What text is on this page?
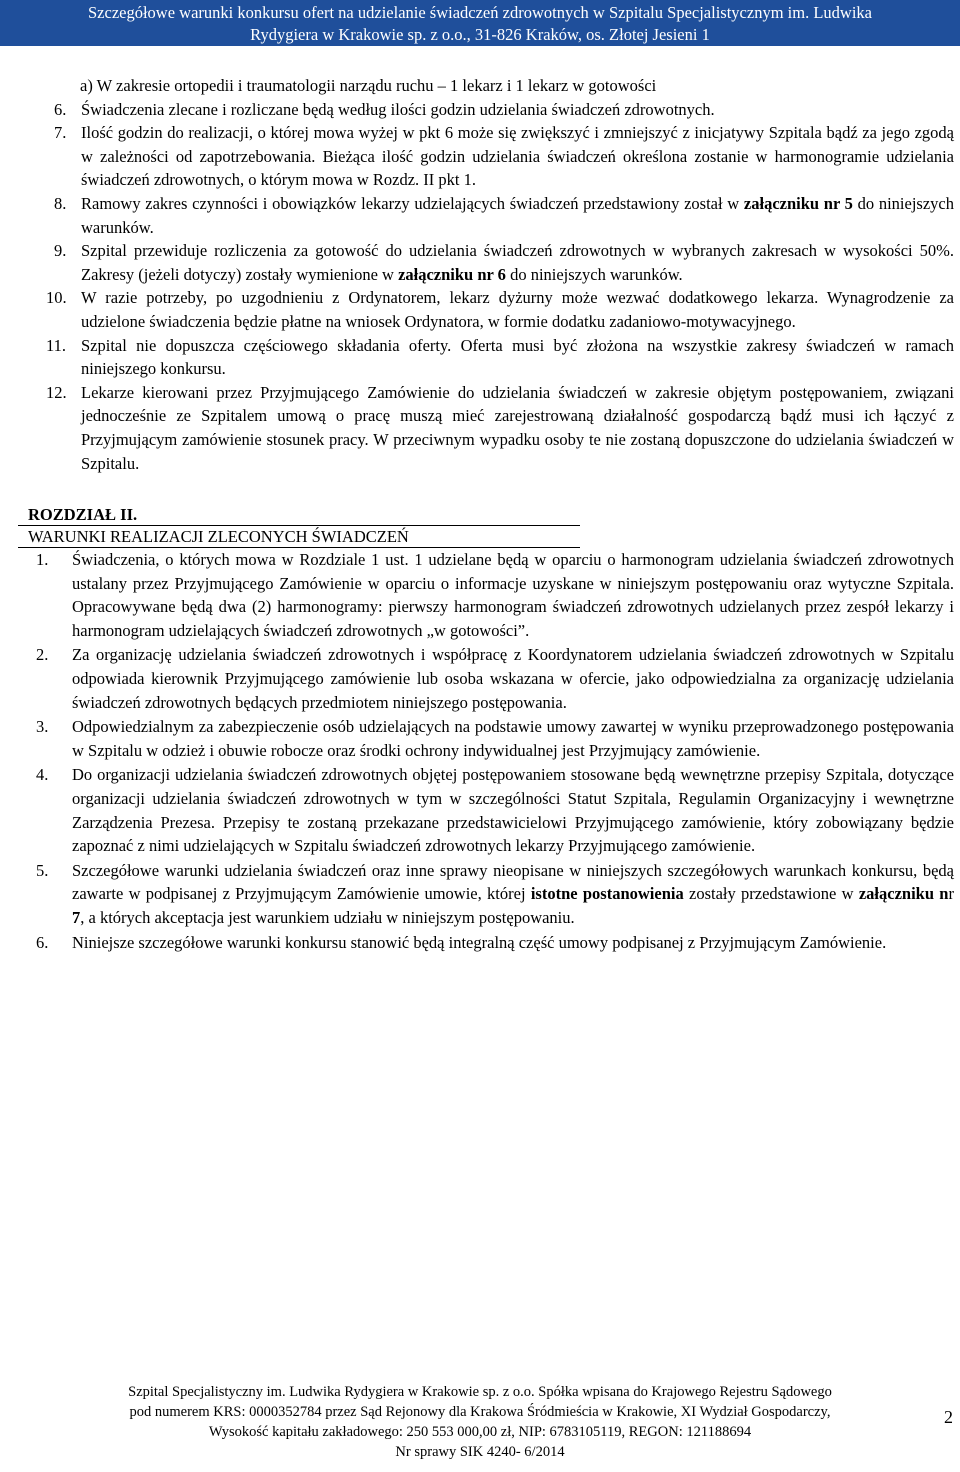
Szczegółowe warunki konkursu ofert na udzielanie świadczeń zdrowotnych w Szpitalu Specjalistycznym im. Ludwika
Rydygiera w Krakowie sp. z o.o., 31-826 Kraków, os. Złotej Jesieni 1
a) W zakresie ortopedii i traumatologii narządu ruchu – 1 lekarz i 1 lekarz w gotowości
6. Świadczenia zlecane i rozliczane będą według ilości godzin udzielania świadczeń zdrowotnych.
7. Ilość godzin do realizacji, o której mowa wyżej w pkt 6 może się zwiększyć i zmniejszyć z inicjatywy Szpitala bądź za jego zgodą w zależności od zapotrzebowania. Bieżąca ilość godzin udzielania świadczeń określona zostanie w harmonogramie udzielania świadczeń zdrowotnych, o którym mowa w Rozdz. II pkt 1.
8. Ramowy zakres czynności i obowiązków lekarzy udzielających świadczeń przedstawiony został w załączniku nr 5 do niniejszych warunków.
9. Szpital przewiduje rozliczenia za gotowość do udzielania świadczeń zdrowotnych w wybranych zakresach w wysokości 50%. Zakresy (jeżeli dotyczy) zostały wymienione w załączniku nr 6 do niniejszych warunków.
10. W razie potrzeby, po uzgodnieniu z Ordynatorem, lekarz dyżurny może wezwać dodatkowego lekarza. Wynagrodzenie za udzielone świadczenia będzie płatne na wniosek Ordynatora, w formie dodatku zadaniowo-motywacyjnego.
11. Szpital nie dopuszcza częściowego składania oferty. Oferta musi być złożona na wszystkie zakresy świadczeń w ramach niniejszego konkursu.
12. Lekarze kierowani przez Przyjmującego Zamówienie do udzielania świadczeń w zakresie objętym postępowaniem, związani jednocześnie ze Szpitalem umową o pracę muszą mieć zarejestrowaną działalność gospodarczą bądź musi ich łączyć z Przyjmującym zamówienie stosunek pracy. W przeciwnym wypadku osoby te nie zostaną dopuszczone do udzielania świadczeń w Szpitalu.
ROZDZIAŁ II.
WARUNKI REALIZACJI ZLECONYCH ŚWIADCZEŃ
1. Świadczenia, o których mowa w Rozdziale 1 ust. 1 udzielane będą w oparciu o harmonogram udzielania świadczeń zdrowotnych ustalany przez Przyjmującego Zamówienie w oparciu o informacje uzyskane w niniejszym postępowaniu oraz wytyczne Szpitala. Opracowywane będą dwa (2) harmonogramy: pierwszy harmonogram świadczeń zdrowotnych udzielanych przez zespół lekarzy i harmonogram udzielających świadczeń zdrowotnych „w gotowości”.
2. Za organizację udzielania świadczeń zdrowotnych i współpracę z Koordynatorem udzielania świadczeń zdrowotnych w Szpitalu odpowiada kierownik Przyjmującego zamówienie lub osoba wskazana w ofercie, jako odpowiedzialna za organizację udzielania świadczeń zdrowotnych będących przedmiotem niniejszego postępowania.
3. Odpowiedzialnym za zabezpieczenie osób udzielających na podstawie umowy zawartej w wyniku przeprowadzonego postępowania w Szpitalu w odzież i obuwie robocze oraz środki ochrony indywidualnej jest Przyjmujący zamówienie.
4. Do organizacji udzielania świadczeń zdrowotnych objętej postępowaniem stosowane będą wewnętrzne przepisy Szpitala, dotyczące organizacji udzielania świadczeń zdrowotnych w tym w szczególności Statut Szpitala, Regulamin Organizacyjny i wewnętrzne Zarządzenia Prezesa. Przepisy te zostaną przekazane przedstawicielowi Przyjmującego zamówienie, który zobowiązany będzie zapoznać z nimi udzielających w Szpitalu świadczeń zdrowotnych lekarzy Przyjmującego zamówienie.
5. Szczegółowe warunki udzielania świadczeń oraz inne sprawy nieopisane w niniejszych szczegółowych warunkach konkursu, będą zawarte w podpisanej z Przyjmującym Zamówienie umowie, której istotne postanowienia zostały przedstawione w załączniku nr 7, a których akceptacja jest warunkiem udziału w niniejszym postępowaniu.
6. Niniejsze szczegółowe warunki konkursu stanowić będą integralną część umowy podpisanej z Przyjmującym Zamówienie.
Szpital Specjalistyczny im. Ludwika Rydygiera w Krakowie sp. z o.o. Spółka wpisana do Krajowego Rejestru Sądowego
pod numerem KRS: 0000352784 przez Sąd Rejonowy dla Krakowa Śródmieścia w Krakowie, XI Wydział Gospodarczy,
Wysokość kapitału zakładowego: 250 553 000,00 zł, NIP: 6783105119, REGON: 121188694
Nr sprawy SIK 4240- 6/2014
2
